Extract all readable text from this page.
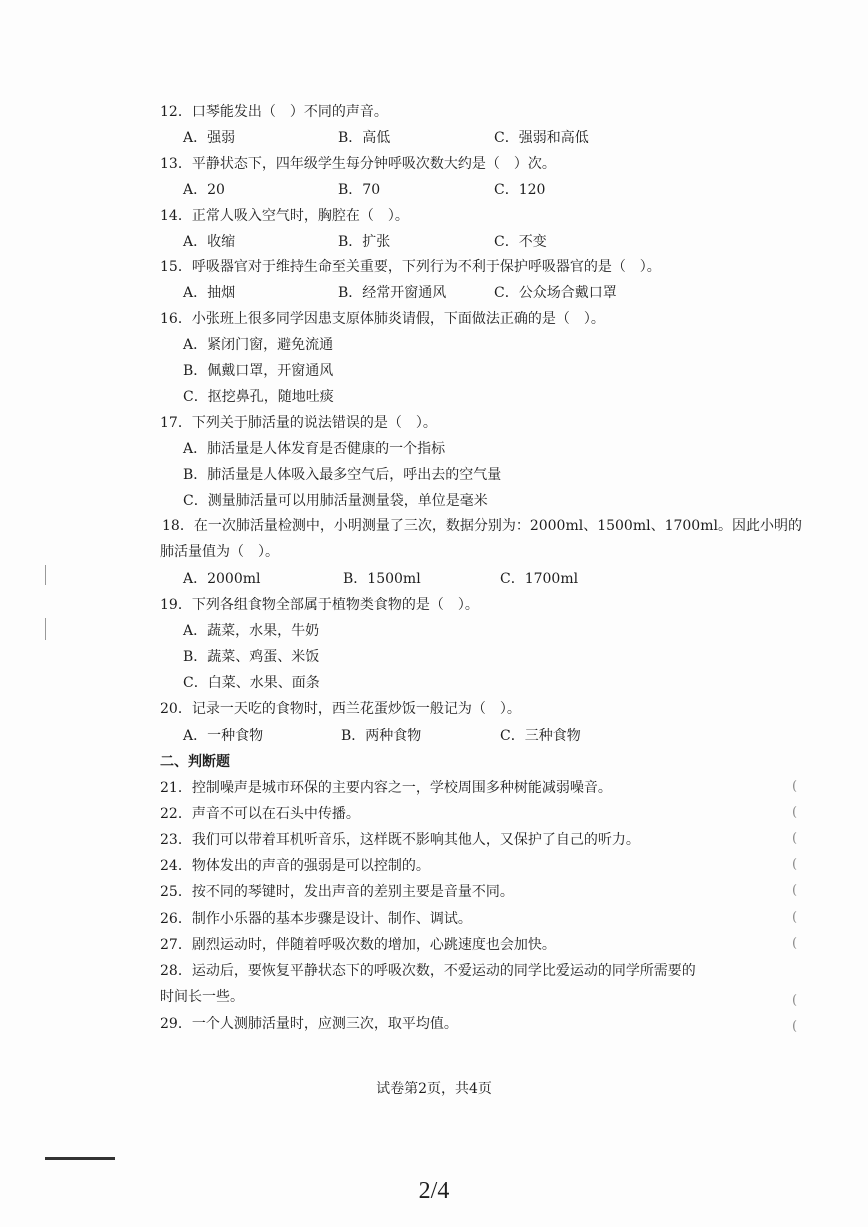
12．口琴能发出（　）不同的声音。
A．强弱	B．高低	C．强弱和高低
13．平静状态下，四年级学生每分钟呼吸次数大约是（　）次。
A．20	B．70	C．120
14．正常人吸入空气时，胸腔在（　）。
A．收缩	B．扩张	C．不变
15．呼吸器官对于维持生命至关重要，下列行为不利于保护呼吸器官的是（　）。
A．抽烟	B．经常开窗通风	C．公众场合戴口罩
16．小张班上很多同学因患支原体肺炎请假，下面做法正确的是（　）。
A．紧闭门窗，避免流通
B．佩戴口罩，开窗通风
C．抠挖鼻孔，随地吐痰
17．下列关于肺活量的说法错误的是（　）。
A．肺活量是人体发育是否健康的一个指标
B．肺活量是人体吸入最多空气后，呼出去的空气量
C．测量肺活量可以用肺活量测量袋，单位是毫米
18．在一次肺活量检测中，小明测量了三次，数据分别为：2000ml、1500ml、1700ml。因此小明的
肺活量值为（　）。
A．2000ml	B．1500ml	C．1700ml
19．下列各组食物全部属于植物类食物的是（　）。
A．蔬菜，水果，牛奶
B．蔬菜、鸡蛋、米饭
C．白菜、水果、面条
20．记录一天吃的食物时，西兰花蛋炒饭一般记为（　）。
A．一种食物	B．两种食物	C．三种食物
二、判断题
21．控制噪声是城市环保的主要内容之一，学校周围多种树能减弱噪音。
22．声音不可以在石头中传播。
23．我们可以带着耳机听音乐，这样既不影响其他人，又保护了自己的听力。
24．物体发出的声音的强弱是可以控制的。
25．按不同的琴键时，发出声音的差别主要是音量不同。
26．制作小乐器的基本步骤是设计、制作、调试。
27．剧烈运动时，伴随着呼吸次数的增加，心跳速度也会加快。
28．运动后，要恢复平静状态下的呼吸次数，不爱运动的同学比爱运动的同学所需要的
时间长一些。
29．一个人测肺活量时，应测三次，取平均值。
(
(
(
(
(
(
(
(
(
试卷第2页，共4页
2/4
